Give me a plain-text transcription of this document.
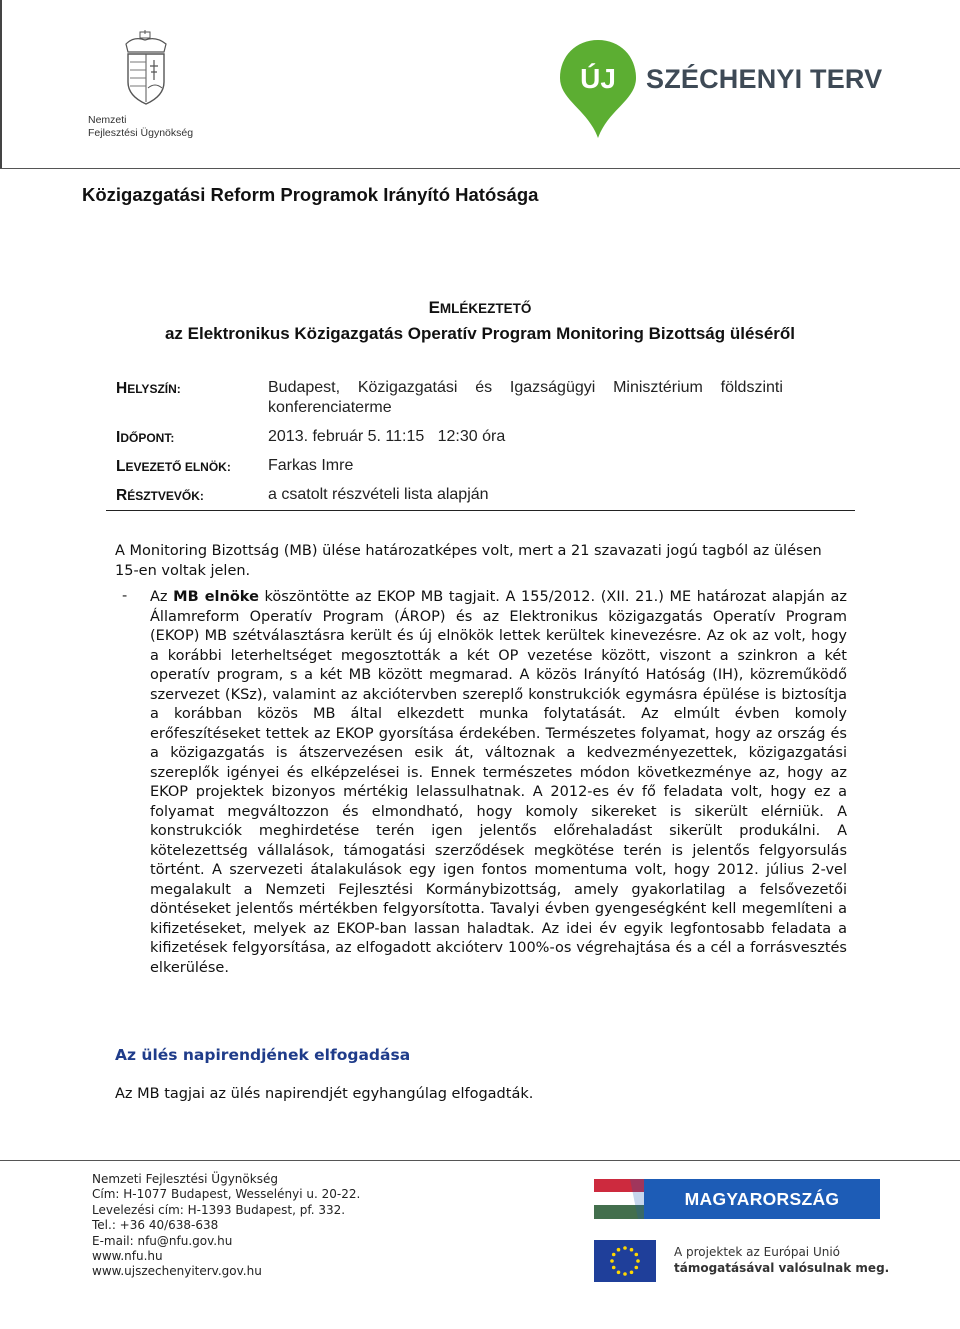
Nemzeti
Fejlesztési Ügynökség
ÚJ SZÉCHENYI TERV
Közigazgatási Reform Programok Irányító Hatósága
EMLÉKEZTETŐ
az Elektronikus Közigazgatás Operatív Program Monitoring Bizottság üléséről
HELYSZÍN:	Budapest,    Közigazgatási    és    Igazságügyi    Minisztérium    földszinti
konferenciaterme
IDŐPONT:	2013. február 5. 11:15   12:30 óra
LEVEZETŐ ELNÖK: Farkas Imre
RÉSZTVEVŐK:	a csatolt részvételi lista alapján
A Monitoring Bizottság (MB) ülése határozatképes volt, mert a 21 szavazati jogú tagból az ülésen 15-en voltak jelen.
- Az MB elnöke köszöntötte az EKOP MB tagjait. A 155/2012. (XII. 21.) ME határozat alapján az Államreform Operatív Program (ÁROP) és az Elektronikus közigazgatás Operatív Program (EKOP) MB szétválasztásra került és új elnökök lettek kerültek kinevezésre. Az ok az volt, hogy a korábbi leterheltséget megosztották a két OP vezetése között, viszont a szinkron a két operatív program, s a két MB között megmarad. A közös Irányító Hatóság (IH), közreműködő szervezet (KSz), valamint az akciótervben szereplő konstrukciók egymásra épülése is biztosítja a korábban közös MB által elkezdett munka folytatását. Az elmúlt évben komoly erőfeszítéseket tettek az EKOP gyorsítása érdekében. Természetes folyamat, hogy az ország és a közigazgatás is átszervezésen esik át, változnak a kedvezményezettek, közigazgatási szereplők igényei és elképzelései is. Ennek természetes módon következménye az, hogy az EKOP projektek bizonyos mértékig lelassulhatnak. A 2012-es év fő feladata volt, hogy ez a folyamat megváltozzon és elmondható, hogy komoly sikereket is sikerült elérniük. A konstrukciók meghirdetése terén igen jelentős előrehaladást sikerült produkálni. A kötelezettség vállalások, támogatási szerződések megkötése terén is jelentős felgyorsulás történt. A szervezeti átalakulások egy igen fontos momentuma volt, hogy 2012. július 2-vel megalakult a Nemzeti Fejlesztési Kormánybizottság, amely gyakorlatilag a felsővezetői döntéseket jelentős mértékben felgyorsította. Tavalyi évben gyengeségként kell megemlíteni a kifizetéseket, melyek az EKOP-ban lassan haladtak. Az idei év egyik legfontosabb feladata a kifizetések felgyorsítása, az elfogadott akcióterv 100%-os végrehajtása és a cél a forrásvesztés elkerülése.
Az ülés napirendjének elfogadása
Az MB tagjai az ülés napirendjét egyhangúlag elfogadták.
Nemzeti Fejlesztési Ügynökség
Cím: H-1077 Budapest, Wesselényi u. 20-22.
Levelezési cím: H-1393 Budapest, pf. 332.
Tel.: +36 40/638-638
E-mail: nfu@nfu.gov.hu
www.nfu.hu
www.ujszechenyiterv.gov.hu
MAGYARORSZÁG MEGÚJUL
A projektek az Európai Unió
támogatásával valósulnak meg.
